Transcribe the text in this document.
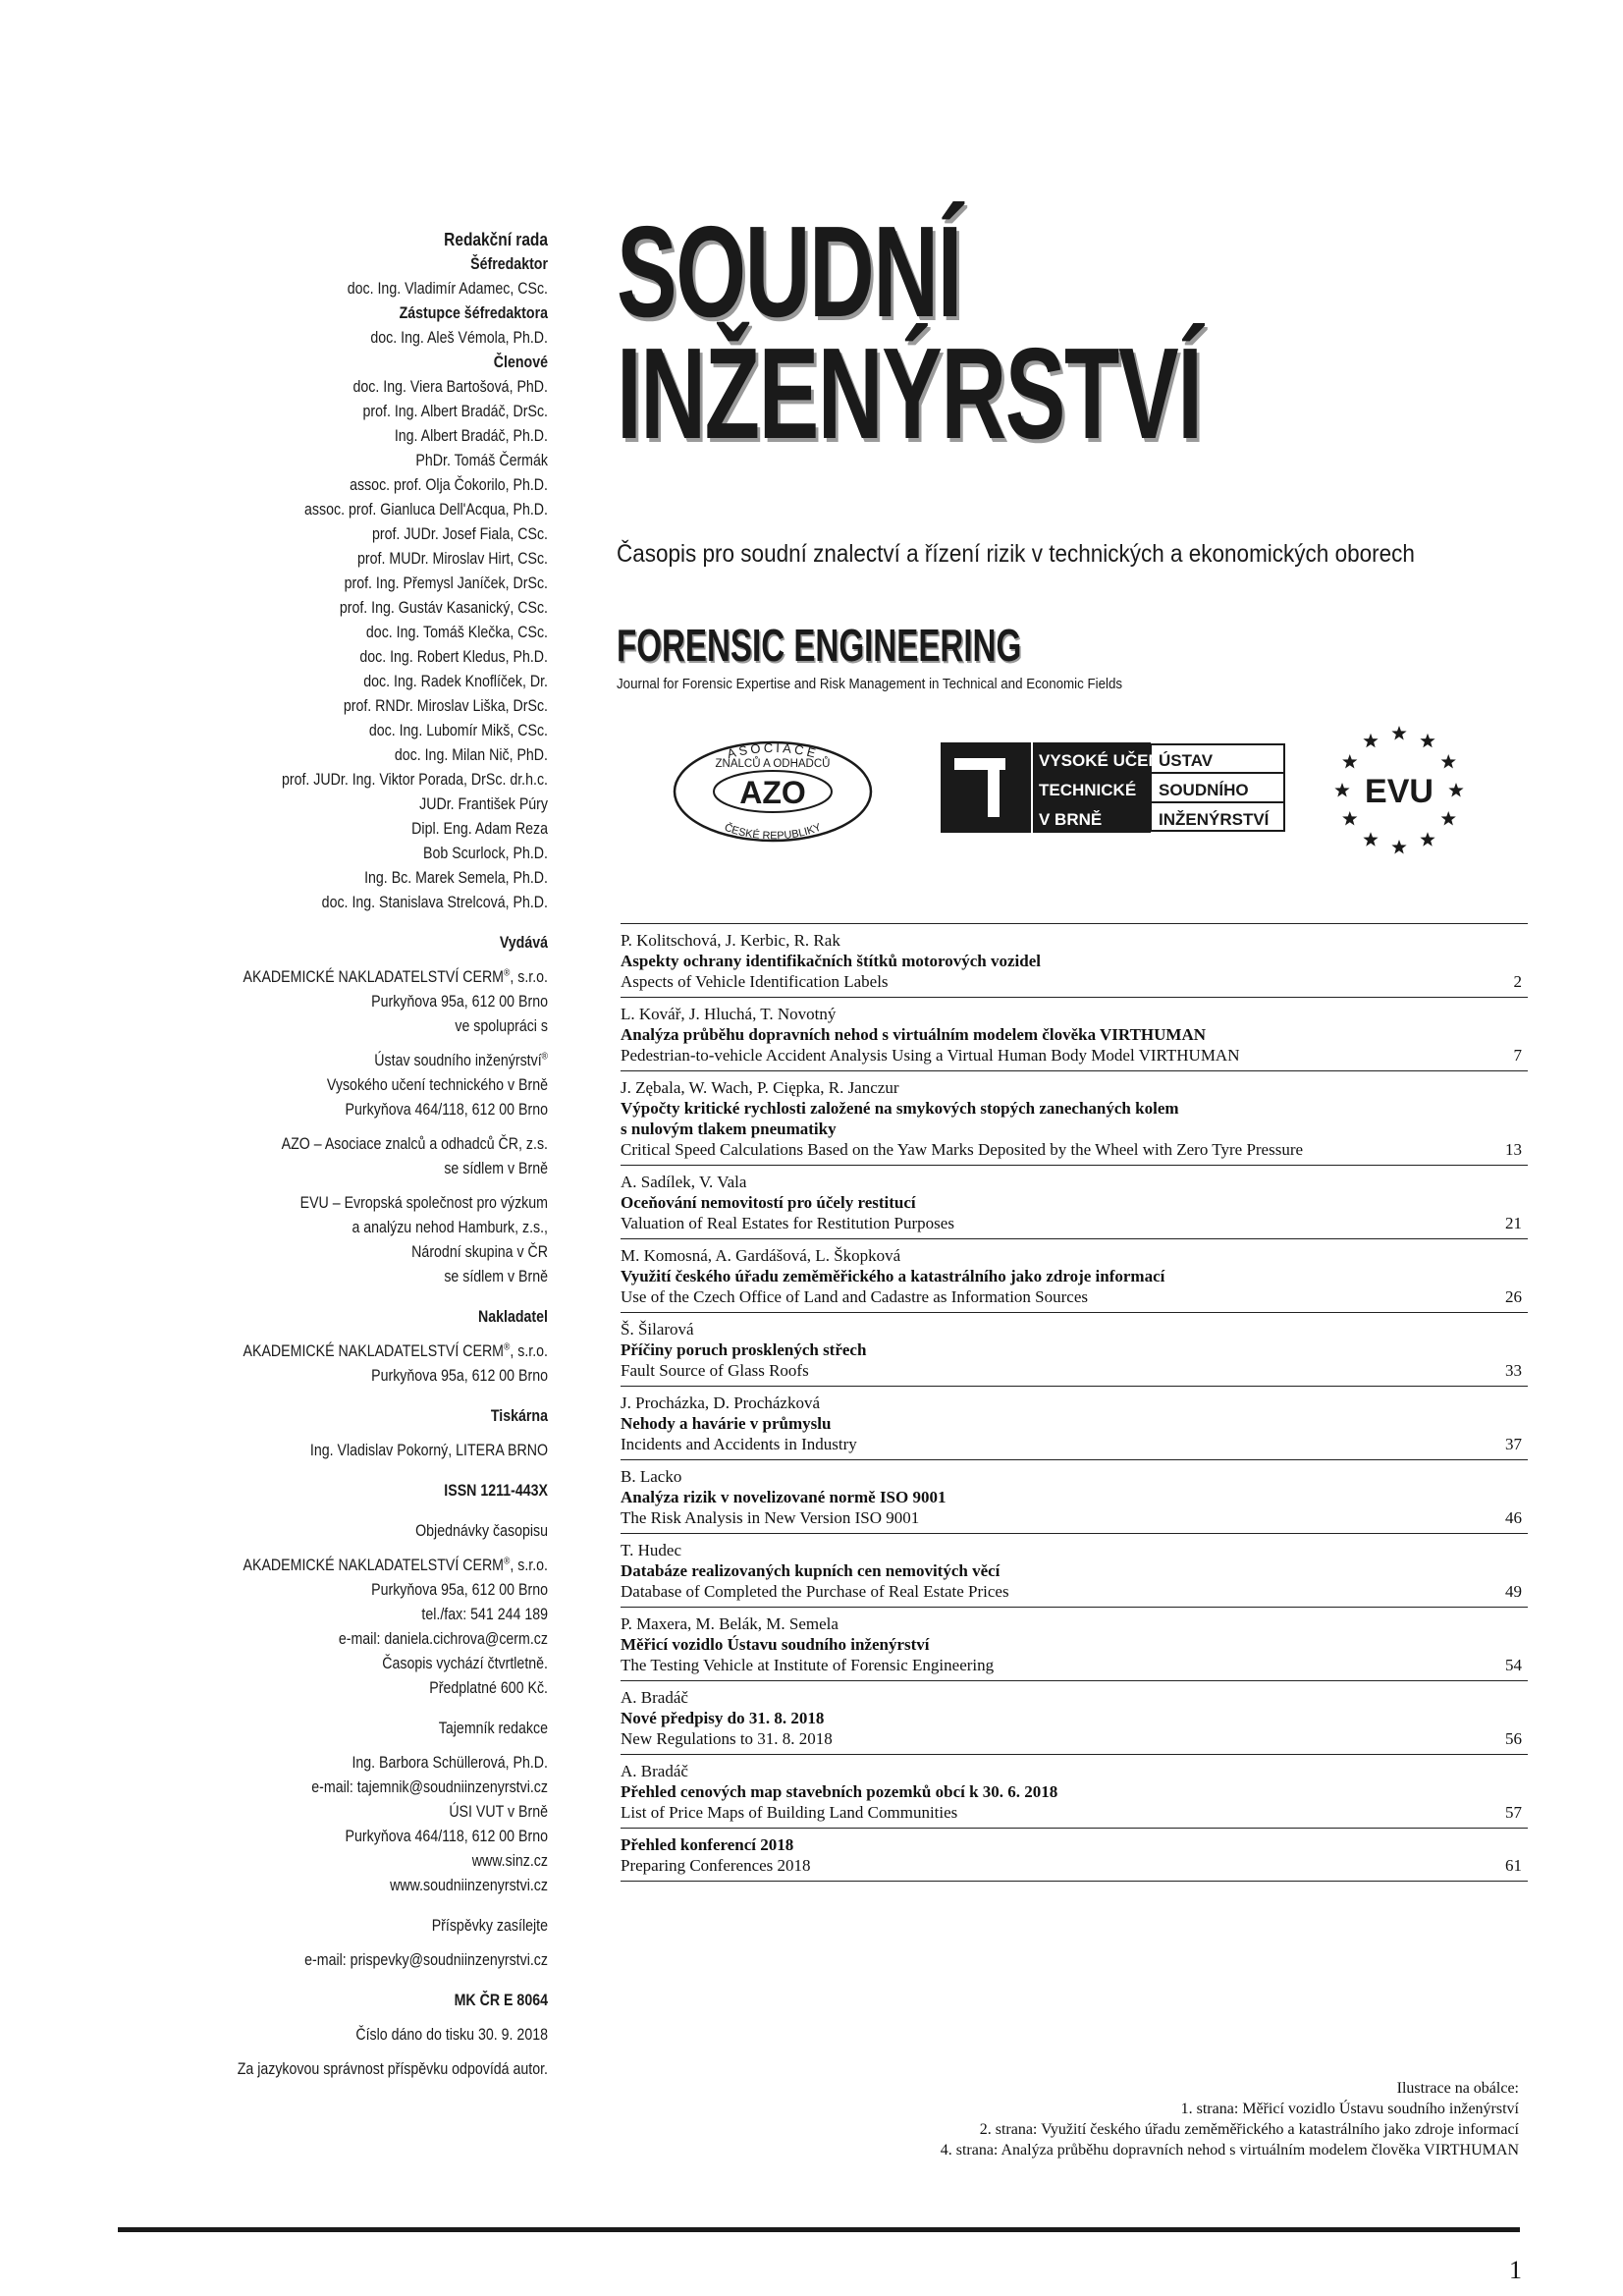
Redakční rada
Šéfredaktor
doc. Ing. Vladimír Adamec, CSc.
Zástupce šéfredaktora
doc. Ing. Aleš Vémola, Ph.D.
Členové
doc. Ing. Viera Bartošová, PhD.
prof. Ing. Albert Bradáč, DrSc.
Ing. Albert Bradáč, Ph.D.
PhDr. Tomáš Čermák
assoc. prof. Olja Čokorilo, Ph.D.
assoc. prof. Gianluca Dell'Acqua, Ph.D.
prof. JUDr. Josef Fiala, CSc.
prof. MUDr. Miroslav Hirt, CSc.
prof. Ing. Přemysl Janíček, DrSc.
prof. Ing. Gustáv Kasanický, CSc.
doc. Ing. Tomáš Klečka, CSc.
doc. Ing. Robert Kledus, Ph.D.
doc. Ing. Radek Knoflíček, Dr.
prof. RNDr. Miroslav Liška, DrSc.
doc. Ing. Lubomír Mikš, CSc.
doc. Ing. Milan Nič, PhD.
prof. JUDr. Ing. Viktor Porada, DrSc. dr.h.c.
JUDr. František Púry
Dipl. Eng. Adam Reza
Bob Scurlock, Ph.D.
Ing. Bc. Marek Semela, Ph.D.
doc. Ing. Stanislava Strelcová, Ph.D.
Vydává
AKADEMICKÉ NAKLADATELSTVÍ CERM®, s.r.o.
Purkyňova 95a, 612 00 Brno
ve spolupráci s
Ústav soudního inženýrství®
Vysokého učení technického v Brně
Purkyňova 464/118, 612 00 Brno
AZO – Asociace znalců a odhadců ČR, z.s.
se sídlem v Brně
EVU – Evropská společnost pro výzkum
a analýzu nehod Hamburk, z.s.,
Národní skupina v ČR
se sídlem v Brně
Nakladatel
AKADEMICKÉ NAKLADATELSTVÍ CERM®, s.r.o.
Purkyňova 95a, 612 00 Brno
Tiskárna
Ing. Vladislav Pokorný, LITERA BRNO
ISSN 1211-443X
Objednávky časopisu
AKADEMICKÉ NAKLADATELSTVÍ CERM®, s.r.o.
Purkyňova 95a, 612 00 Brno
tel./fax: 541 244 189
e-mail: daniela.cichrova@cerm.cz
Časopis vychází čtvrtletně.
Předplatné 600 Kč.
Tajemník redakce
Ing. Barbora Schüllerová, Ph.D.
e-mail: tajemnik@soudniinzenyrstvi.cz
ÚSI VUT v Brně
Purkyňova 464/118, 612 00 Brno
www.sinz.cz
www.soudniinzenyrstvi.cz
Příspěvky zasílejte
e-mail: prispevky@soudniinzenyrstvi.cz
MK ČR E 8064
Číslo dáno do tisku 30. 9. 2018
Za jazykovou správnost příspěvku odpovídá autor.
SOUDNÍ
INŽENÝRSTVÍ
Časopis pro soudní znalectví a řízení rizik v technických a ekonomických oborech
FORENSIC ENGINEERING
Journal for Forensic Expertise and Risk Management in Technical and Economic Fields
ASOCIACE
ZNALCŮ A ODHADCŮ
AZO
ČESKÉ REPUBLIKY
VYSOKÉ UČENÍ
ÚSTAV
TECHNICKÉ SOUDNÍHO
V BRNĚ	INŽENÝRSTVÍ
EVU
P. Kolitschová, J. Kerbic, R. Rak
Aspekty ochrany identifikačních štítků motorových vozidel
Aspects of Vehicle Identification Labels	2
L. Kovář, J. Hluchá, T. Novotný
Analýza průběhu dopravních nehod s virtuálním modelem člověka VIRTHUMAN
Pedestrian-to-vehicle Accident Analysis Using a Virtual Human Body Model VIRTHUMAN	7
J. Zębala, W. Wach, P. Ciępka, R. Janczur
Výpočty kritické rychlosti založené na smykových stopých zanechaných kolem
s nulovým tlakem pneumatiky
Critical Speed Calculations Based on the Yaw Marks Deposited by the Wheel with Zero Tyre Pressure	13
A. Sadílek, V. Vala
Oceňování nemovitostí pro účely restitucí
Valuation of Real Estates for Restitution Purposes	21
M. Komosná, A. Gardášová, L. Škopková
Využití českého úřadu zeměměřického a katastrálního jako zdroje informací
Use of the Czech Office of Land and Cadastre as Information Sources	26
Š. Šilarová
Příčiny poruch prosklených střech
Fault Source of Glass Roofs	33
J. Procházka, D. Procházková
Nehody a havárie v průmyslu
Incidents and Accidents in Industry	37
B. Lacko
Analýza rizik v novelizované normě ISO 9001
The Risk Analysis in New Version ISO 9001	46
T. Hudec
Databáze realizovaných kupních cen nemovitých věcí
Database of Completed the Purchase of Real Estate Prices	49
P. Maxera, M. Belák, M. Semela
Měřicí vozidlo Ústavu soudního inženýrství
The Testing Vehicle at Institute of Forensic Engineering	54
A. Bradáč
Nové předpisy do 31. 8. 2018
New Regulations to 31. 8. 2018	56
A. Bradáč
Přehled cenových map stavebních pozemků obcí k 30. 6. 2018
List of Price Maps of Building Land Communities	57
Přehled konferencí 2018
Preparing Conferences 2018	61
Ilustrace na obálce:
1. strana: Měřicí vozidlo Ústavu soudního inženýrství
2. strana: Využití českého úřadu zeměměřického a katastrálního jako zdroje informací
4. strana: Analýza průběhu dopravních nehod s virtuálním modelem člověka VIRTHUMAN
1
